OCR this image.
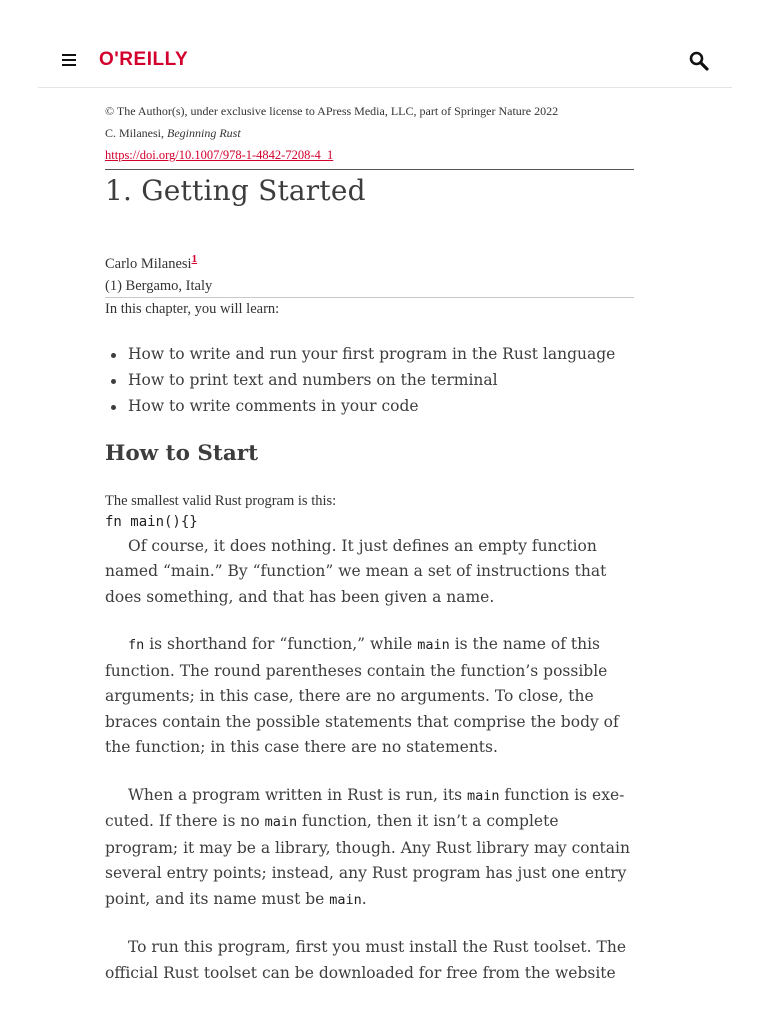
O'REILLY
© The Author(s), under exclusive license to APress Media, LLC, part of Springer Nature 2022
C. Milanesi, Beginning Rust
https://doi.org/10.1007/978-1-4842-7208-4_1
1. Getting Started
Carlo Milanesi$^1$
(1) Bergamo, Italy
In this chapter, you will learn:
How to write and run your first program in the Rust language
How to print text and numbers on the terminal
How to write comments in your code
How to Start
The smallest valid Rust program is this:
fn main(){}

Of course, it does nothing. It just defines an empty function named “main.” By “function” we mean a set of instructions that does something, and that has been given a name.

fn is shorthand for “function,” while main is the name of this function. The round parentheses contain the function’s possible arguments; in this case, there are no arguments. To close, the braces contain the possible statements that comprise the body of the function; in this case there are no statements.

When a program written in Rust is run, its main function is executed. If there is no main function, then it isn’t a complete program; it may be a library, though. Any Rust library may contain several entry points; instead, any Rust program has just one entry point, and its name must be main.

To run this program, first you must install the Rust toolset. The official Rust toolset can be downloaded for free from the website
